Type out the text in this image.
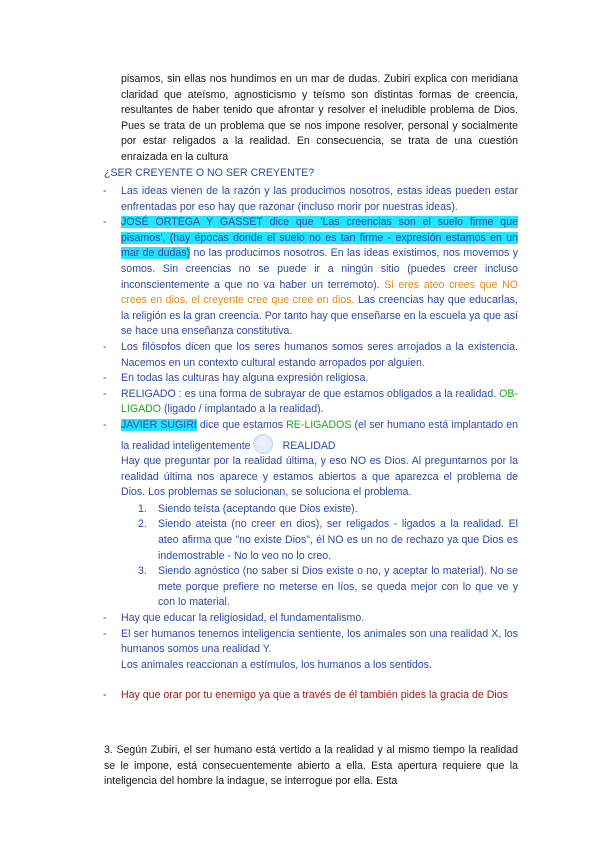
pisamos, sin ellas nos hundimos en un mar de dudas. Zubiri explica con meridiana claridad que ateísmo, agnosticismo y teísmo son distintas formas de creencia, resultantes de haber tenido que afrontar y resolver el ineludible problema de Dios. Pues se trata de un problema que se nos impone resolver, personal y socialmente por estar religados a la realidad. En consecuencia, se trata de una cuestión enraizada en la cultura
¿SER CREYENTE O NO SER CREYENTE?
- Las ideas vienen de la razón y las producimos nosotros, estas ideas pueden estar enfrentadas por eso hay que razonar (incluso morir por nuestras ideas).
- JOSÉ ORTEGA Y GASSET dice que 'Las creencias son el suelo firme que pisamos', (hay épocas donde el suelo no es tan firme - expresión estamos en un mar de dudas) no las producimos nosotros. En las ideas existimos, nos movemos y somos. Sin creencias no se puede ir a ningún sitio (puedes creer incluso inconscientemente a que no va haber un terremoto). Si eres ateo crees que NO crees en dios, el creyente cree que cree en dios. Las creencias hay que educarlas, la religión es la gran creencia. Por tanto hay que enseñarse en la escuela ya que así se hace una enseñanza constitutiva.
- Los filósofos dicen que los seres humanos somos seres arrojados a la existencia. Nacemos en un contexto cultural estando arropados por alguien.
- En todas las culturas hay alguna expresión religiosa.
- RELIGADO : es una forma de subrayar de que estamos obligados a la realidad. OB-LIGADO (ligado / implantado a la realidad).
- JAVIER SUGIRI dice que estamos RE-LIGADOS (el ser humano está implantado en la realidad inteligentemente	REALIDAD
Hay que preguntar por la realidad última, y eso NO es Dios. Al preguntarnos por la realidad última nos aparece y estamos abiertos a que aparezca el problema de Dios. Los problemas se solucionan, se soluciona el problema.
1. Siendo teísta (aceptando que Dios existe).
2. Siendo ateista (no creer en dios), ser religados - ligados a la realidad. El ateo afirma que "no existe Dios", él NO es un no de rechazo ya que Dios es indemostrable - No lo veo no lo creo.
3. Siendo agnóstico (no saber si Dios existe o no, y aceptar lo material). No se mete porque prefiere no meterse en líos, se queda mejor con lo que ve y con lo material.
- Hay que educar la religiosidad, el fundamentalismo.
- El ser humanos tenemos inteligencia sentiente, los animales son una realidad X, los humanos somos una realidad Y.
Los animales reaccionan a estímulos, los humanos a los sentidos.
- Hay que orar por tu enemigo ya que a través de él también pides la gracia de Dios
3. Según Zubiri, el ser humano está vertido a la realidad y al mismo tiempo la realidad se le impone, está consecuentemente abierto a ella. Esta apertura requiere que la inteligencia del hombre la indague, se interrogue por ella. Esta
